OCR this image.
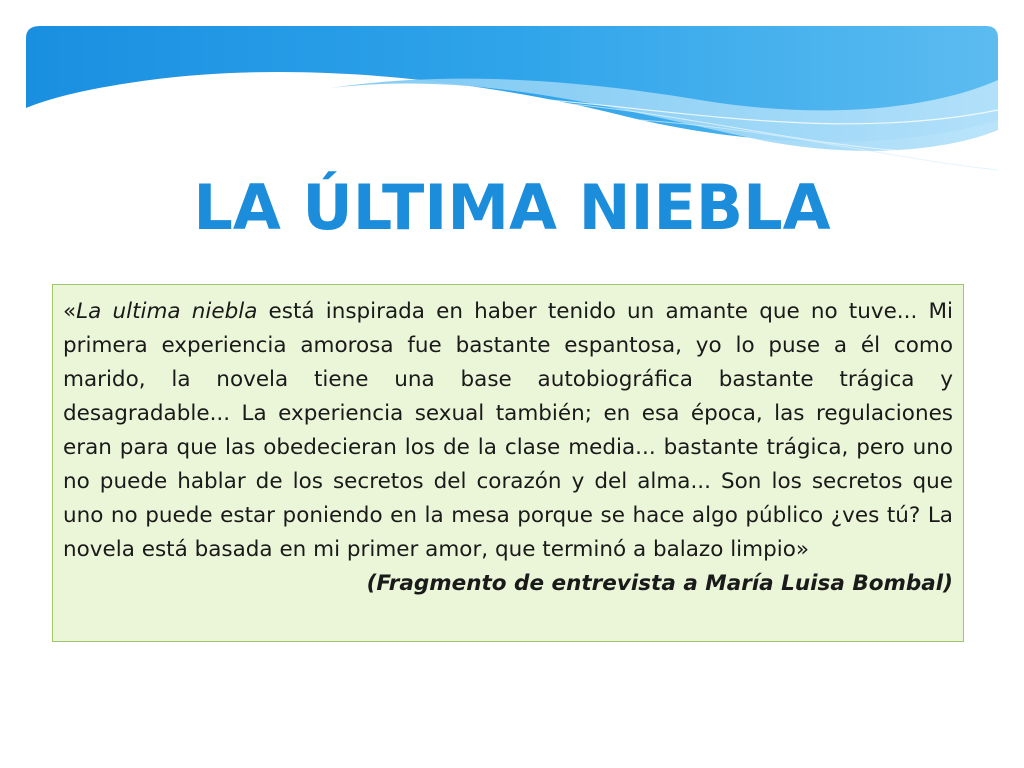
LA ÚLTIMA NIEBLA

«La ultima niebla está inspirada en haber tenido un amante que no tuve... Mi primera experiencia amorosa fue bastante espantosa, yo lo puse a él como marido, la novela tiene una base autobiográfica bastante trágica y desagradable... La experiencia sexual también; en esa época, las regulaciones eran para que las obedecieran los de la clase media... bastante trágica, pero uno no puede hablar de los secretos del corazón y del alma... Son los secretos que uno no puede estar poniendo en la mesa porque se hace algo público ¿ves tú? La novela está basada en mi primer amor, que terminó a balazo limpio»

(Fragmento de entrevista a María Luisa Bombal)
